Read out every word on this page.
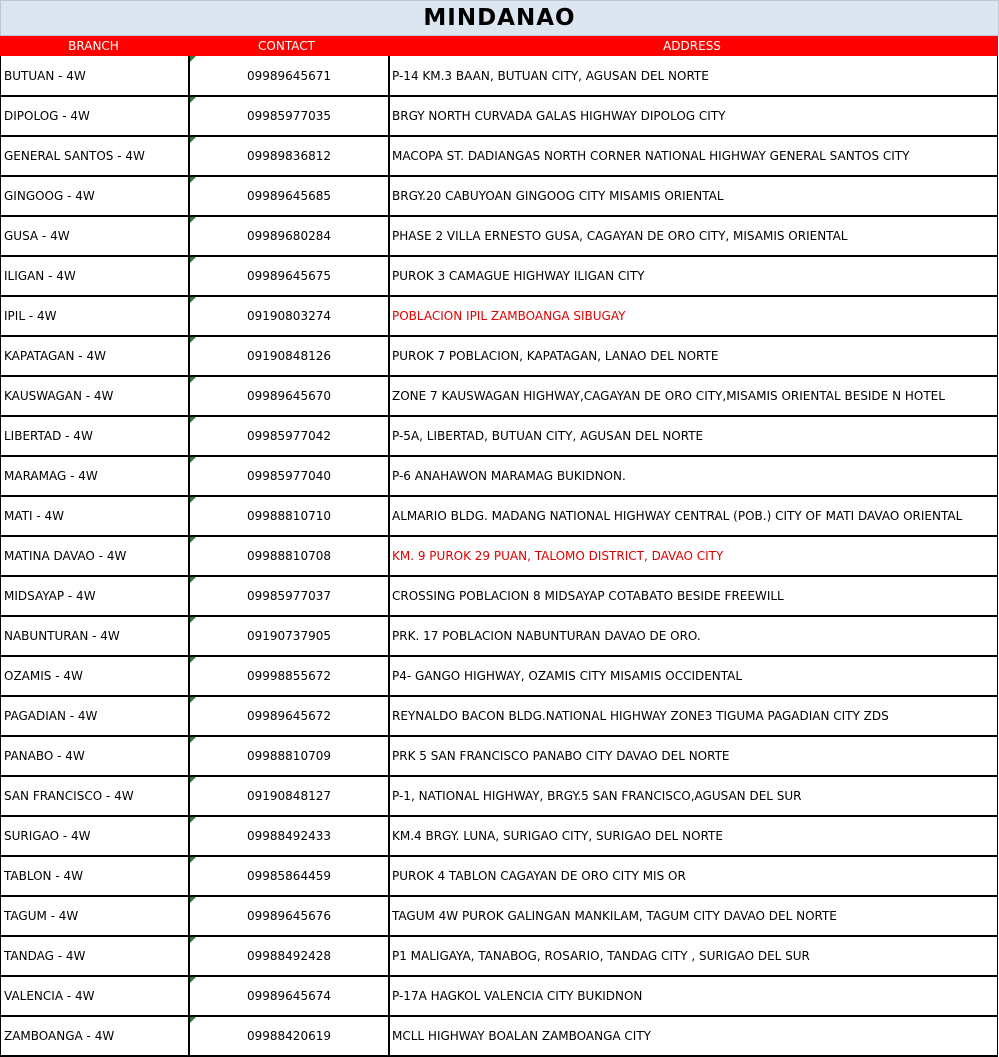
MINDANAO
BRANCH	CONTACT	ADDRESS
BUTUAN - 4W	09989645671	P-14 KM.3 BAAN, BUTUAN CITY, AGUSAN DEL NORTE
DIPOLOG - 4W	09985977035	BRGY NORTH CURVADA GALAS HIGHWAY DIPOLOG CITY
GENERAL SANTOS - 4W	09989836812	MACOPA ST. DADIANGAS NORTH CORNER NATIONAL HIGHWAY GENERAL SANTOS CITY
GINGOOG - 4W	09989645685	BRGY.20 CABUYOAN GINGOOG CITY MISAMIS ORIENTAL
GUSA - 4W	09989680284	PHASE 2 VILLA ERNESTO GUSA, CAGAYAN DE ORO CITY, MISAMIS ORIENTAL
ILIGAN - 4W	09989645675	PUROK 3 CAMAGUE HIGHWAY ILIGAN CITY
IPIL - 4W	09190803274	POBLACION IPIL ZAMBOANGA SIBUGAY
KAPATAGAN - 4W	09190848126	PUROK 7 POBLACION, KAPATAGAN, LANAO DEL NORTE
KAUSWAGAN - 4W	09989645670	ZONE 7 KAUSWAGAN HIGHWAY,CAGAYAN DE ORO CITY,MISAMIS ORIENTAL BESIDE N HOTEL
LIBERTAD - 4W	09985977042	P-5A, LIBERTAD, BUTUAN CITY, AGUSAN DEL NORTE
MARAMAG - 4W	09985977040	P-6 ANAHAWON MARAMAG BUKIDNON.
MATI - 4W	09988810710	ALMARIO BLDG. MADANG NATIONAL HIGHWAY CENTRAL (POB.) CITY OF MATI DAVAO ORIENTAL
MATINA DAVAO - 4W	09988810708	KM. 9 PUROK 29 PUAN, TALOMO DISTRICT, DAVAO CITY
MIDSAYAP - 4W	09985977037	CROSSING POBLACION 8 MIDSAYAP COTABATO BESIDE FREEWILL
NABUNTURAN - 4W	09190737905	PRK. 17 POBLACION NABUNTURAN DAVAO DE ORO.
OZAMIS - 4W	09998855672	P4- GANGO HIGHWAY, OZAMIS CITY MISAMIS OCCIDENTAL
PAGADIAN - 4W	09989645672	REYNALDO BACON BLDG.NATIONAL HIGHWAY ZONE3 TIGUMA PAGADIAN CITY ZDS
PANABO - 4W	09988810709	PRK 5 SAN FRANCISCO PANABO CITY DAVAO DEL NORTE
SAN FRANCISCO - 4W	09190848127	P-1, NATIONAL HIGHWAY, BRGY.5 SAN FRANCISCO,AGUSAN DEL SUR
SURIGAO - 4W	09988492433	KM.4 BRGY. LUNA, SURIGAO CITY, SURIGAO DEL NORTE
TABLON - 4W	09985864459	PUROK 4 TABLON CAGAYAN DE ORO CITY MIS OR
TAGUM - 4W	09989645676	TAGUM 4W PUROK GALINGAN MANKILAM, TAGUM CITY DAVAO DEL NORTE
TANDAG - 4W	09988492428	P1 MALIGAYA, TANABOG, ROSARIO, TANDAG CITY , SURIGAO DEL SUR
VALENCIA - 4W	09989645674	P-17A HAGKOL VALENCIA CITY BUKIDNON
ZAMBOANGA - 4W	09988420619	MCLL HIGHWAY BOALAN ZAMBOANGA CITY
